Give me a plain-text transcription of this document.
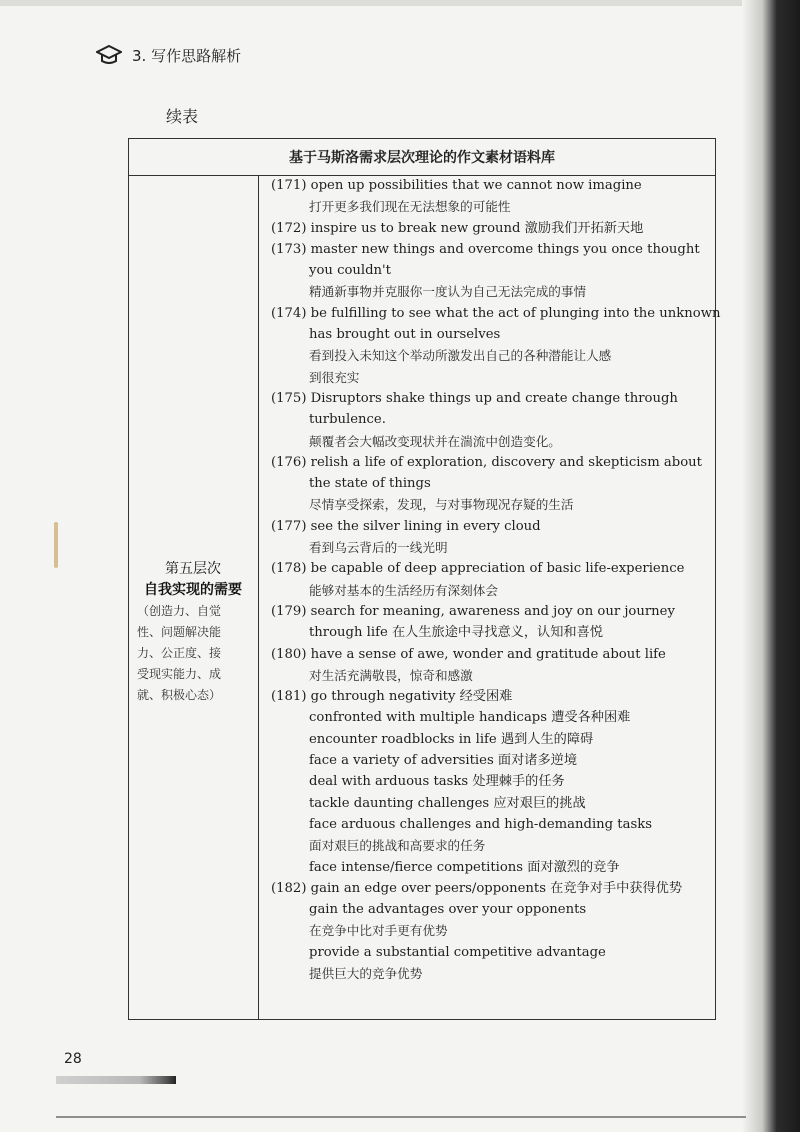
3. 写作思路解析
续表
基于马斯洛需求层次理论的作文素材语料库
第五层次
自我实现的需要
（创造力、自觉
性、问题解决能
力、公正度、接
受现实能力、成
就、积极心态）
(171) open up possibilities that we cannot now imagine
打开更多我们现在无法想象的可能性
(172) inspire us to break new ground 激励我们开拓新天地
(173) master new things and overcome things you once thought
you couldn't
精通新事物并克服你一度认为自己无法完成的事情
(174) be fulfilling to see what the act of plunging into the unknown
has brought out in ourselves
看到投入未知这个举动所激发出自己的各种潜能让人感
到很充实
(175) Disruptors shake things up and create change through
turbulence.
颠覆者会大幅改变现状并在湍流中创造变化。
(176) relish a life of exploration, discovery and skepticism about
the state of things
尽情享受探索，发现，与对事物现况存疑的生活
(177) see the silver lining in every cloud
看到乌云背后的一线光明
(178) be capable of deep appreciation of basic life-experience
能够对基本的生活经历有深刻体会
(179) search for meaning, awareness and joy on our journey
through life 在人生旅途中寻找意义，认知和喜悦
(180) have a sense of awe, wonder and gratitude about life
对生活充满敬畏，惊奇和感激
(181) go through negativity 经受困难
confronted with multiple handicaps 遭受各种困难
encounter roadblocks in life 遇到人生的障碍
face a variety of adversities 面对诸多逆境
deal with arduous tasks 处理棘手的任务
tackle daunting challenges 应对艰巨的挑战
face arduous challenges and high-demanding tasks
面对艰巨的挑战和高要求的任务
face intense/fierce competitions 面对激烈的竞争
(182) gain an edge over peers/opponents 在竞争对手中获得优势
gain the advantages over your opponents
在竞争中比对手更有优势
provide a substantial competitive advantage
提供巨大的竞争优势
28
